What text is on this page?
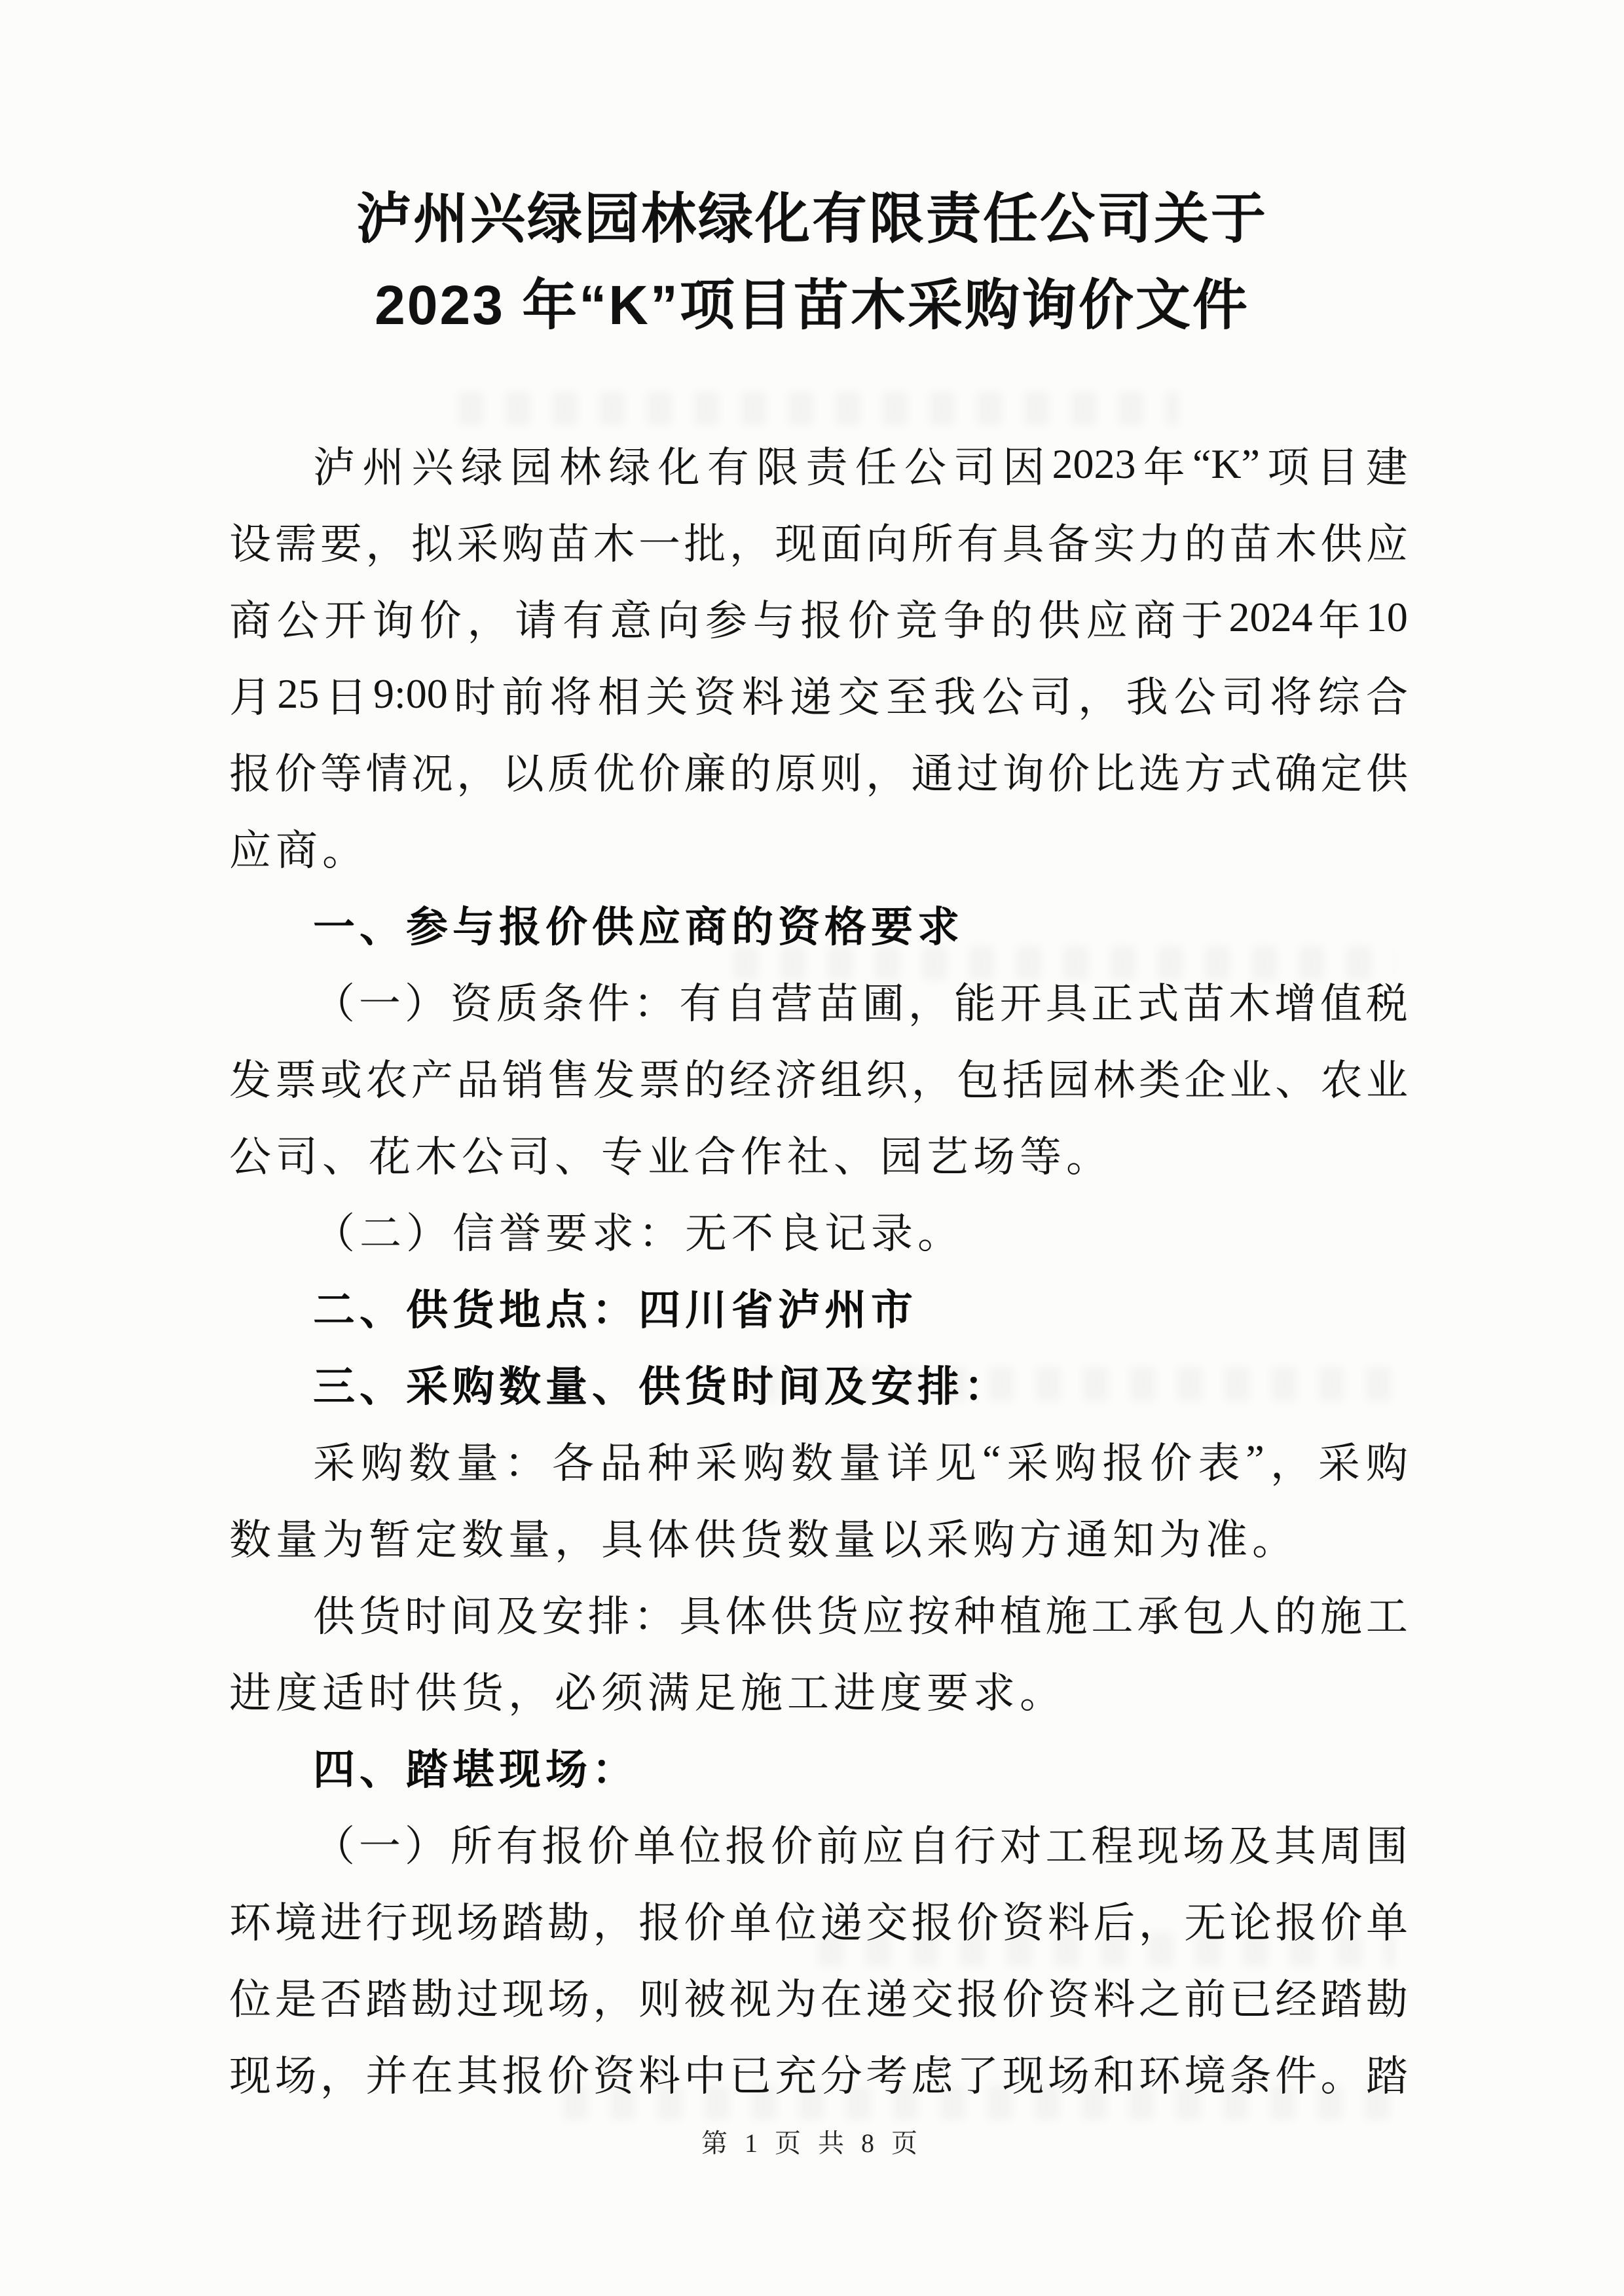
泸州兴绿园林绿化有限责任公司关于
2023 年“K”项目苗木采购询价文件
泸 州 兴 绿 园 林 绿 化 有 限 责 任 公 司 因 2023 年 “K” 项 目 建
设 需 要 ， 拟 采 购 苗 木 一 批 ， 现 面 向 所 有 具 备 实 力 的 苗 木 供 应
商 公 开 询 价 ， 请 有 意 向 参 与 报 价 竞 争 的 供 应 商 于 2024 年 10
月 25 日 9:00 时 前 将 相 关 资 料 递 交 至 我 公 司 ， 我 公 司 将 综 合
报 价 等 情 况 ， 以 质 优 价 廉 的 原 则 ， 通 过 询 价 比 选 方 式 确 定 供
应商。
一、参与报价供应商的资格要求
（ 一 ） 资 质 条 件 ： 有 自 营 苗 圃 ， 能 开 具 正 式 苗 木 增 值 税
发 票 或 农 产 品 销 售 发 票 的 经 济 组 织 ， 包 括 园 林 类 企 业 、 农 业
公司、花木公司、专业合作社、园艺场等。
（二）信誉要求：无不良记录。
二、供货地点：四川省泸州市
三、采购数量、供货时间及安排：
采 购 数 量 ： 各 品 种 采 购 数 量 详 见 “ 采 购 报 价 表 ” ， 采 购
数量为暂定数量，具体供货数量以采购方通知为准。
供 货 时 间 及 安 排 ： 具 体 供 货 应 按 种 植 施 工 承 包 人 的 施 工
进度适时供货，必须满足施工进度要求。
四、踏堪现场：
（ 一 ） 所 有 报 价 单 位 报 价 前 应 自 行 对 工 程 现 场 及 其 周 围
环 境 进 行 现 场 踏 勘 ， 报 价 单 位 递 交 报 价 资 料 后 ， 无 论 报 价 单
位 是 否 踏 勘 过 现 场 ， 则 被 视 为 在 递 交 报 价 资 料 之 前 已 经 踏 勘
现 场 ， 并 在 其 报 价 资 料 中 已 充 分 考 虑 了 现 场 和 环 境 条 件 。 踏
第 1 页 共 8 页
